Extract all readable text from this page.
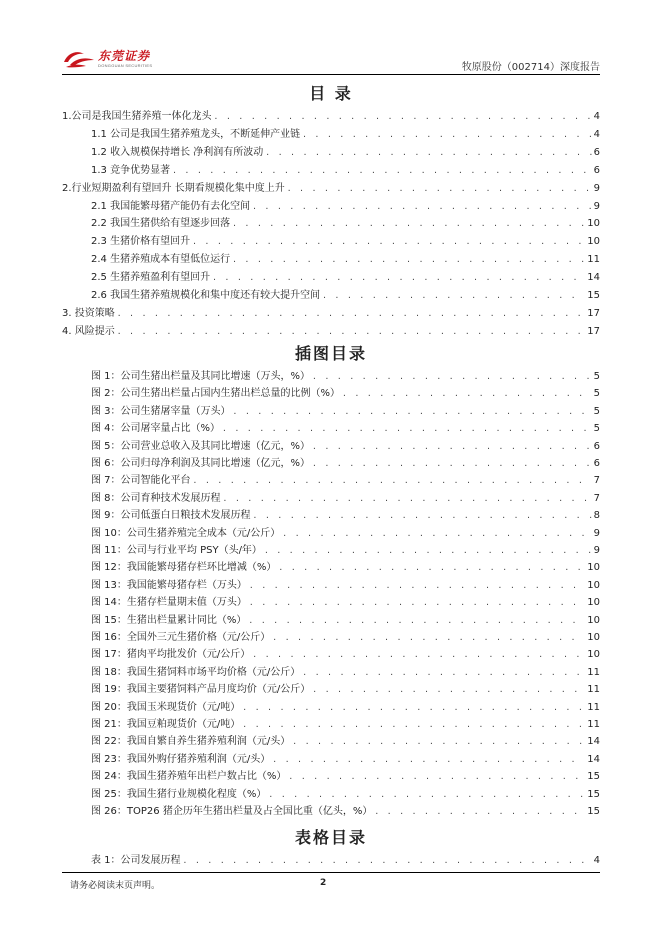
东莞证券
DONGGUAN SECURITIES	牧原股份（002714）深度报告
目 录
1.公司是我国生猪养殖一体化龙头 . . .	4
1.1 公司是我国生猪养殖龙头，不断延伸产业链 . . .	4
1.2 收入规模保持增长 净利润有所波动 . . .	6
1.3 竞争优势显著 . . .	6
2.行业短期盈利有望回升 长期看规模化集中度上升 . . .	9
2.1 我国能繁母猪产能仍有去化空间 . . .	9
2.2 我国生猪供给有望逐步回落 . . .	10
2.3 生猪价格有望回升 . . .	10
2.4 生猪养殖成本有望低位运行 . . .	11
2.5 生猪养殖盈利有望回升 . . .	14
2.6 我国生猪养殖规模化和集中度还有较大提升空间 . . .	15
3. 投资策略 . . .	17
4. 风险提示 . . .	17
插图目录
图 1：公司生猪出栏量及其同比增速（万头，%） . . .	5
图 2：公司生猪出栏量占国内生猪出栏总量的比例（%） . . .	5
图 3：公司生猪屠宰量（万头） . . .	5
图 4：公司屠宰量占比（%） . . .	5
图 5：公司营业总收入及其同比增速（亿元，%） . . .	6
图 6：公司归母净利润及其同比增速（亿元，%） . . .	6
图 7：公司智能化平台 . . .	7
图 8：公司育种技术发展历程 . . .	7
图 9：公司低蛋白日粮技术发展历程 . . .	8
图 10：公司生猪养殖完全成本（元/公斤） . . .	9
图 11：公司与行业平均 PSY（头/年） . . .	9
图 12：我国能繁母猪存栏环比增减（%） . . .	10
图 13：我国能繁母猪存栏（万头） . . .	10
图 14：生猪存栏量期末值（万头） . . .	10
图 15：生猪出栏量累计同比（%） . . .	10
图 16：全国外三元生猪价格（元/公斤） . . .	10
图 17：猪肉平均批发价（元/公斤） . . .	10
图 18：我国生猪饲料市场平均价格（元/公斤） . . .	11
图 19：我国主要猪饲料产品月度均价（元/公斤） . . .	11
图 20：我国玉米现货价（元/吨） . . .	11
图 21：我国豆粕现货价（元/吨） . . .	11
图 22：我国自繁自养生猪养殖利润（元/头） . . .	14
图 23：我国外购仔猪养殖利润（元/头） . . .	14
图 24：我国生猪养殖年出栏户数占比（%） . . .	15
图 25：我国生猪行业规模化程度（%） . . .	15
图 26：TOP26 猪企历年生猪出栏量及占全国比重（亿头，%） . . .	15
表格目录
表 1：公司发展历程 . . .	4
请务必阅读末页声明。	2
